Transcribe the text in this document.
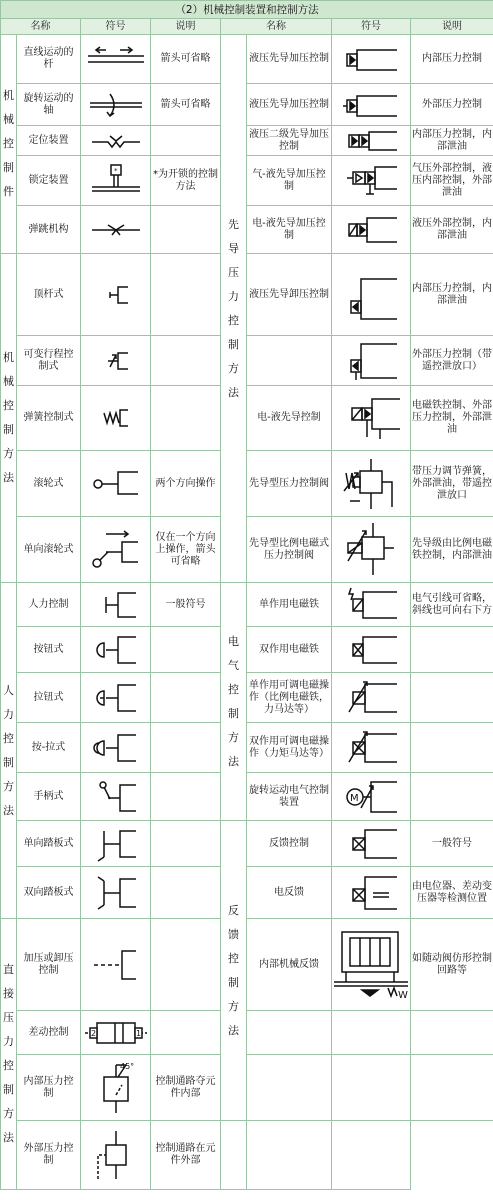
（2）机械控制装置和控制方法							
名称		符号	说明	名称		符号	说明

机械控制件	直线运动的杆		箭头可省略	先导压力控制方法	液压先导加压控制		内部压力控制
	旋转运动的轴		箭头可省略		液压先导加压控制		外部压力控制
	定位装置				液压二级先导加压控制		内部压力控制，内部泄油
	锁定装置	*	*为开锁的控制方法		气-液先导加压控制		气压外部控制，液压内部控制，外部泄油
	弹跳机构				电-液先导加压控制		液压外部控制，内部泄油

机械控制方法	顶杆式				液压先导卸压控制		内部压力控制，内部泄油
	可变行程控制式						外部压力控制（带遥控泄放口）
	弹簧控制式				电-液先导控制		电磁铁控制、外部压力控制，外部泄油
	滚轮式		两个方向操作		先导型压力控制阀		带压力调节弹簧，外部泄油，带遥控泄放口
	单向滚轮式		仅在一个方向上操作，箭头可省略		先导型比例电磁式压力控制阀		先导级由比例电磁铁控制，内部泄油

人力控制方法	人力控制		一般符号	电气控制方法	单作用电磁铁		电气引线可省略，斜线也可向右下方
	按钮式				双作用电磁铁	

	拉钮式				单作用可调电磁操作（比例电磁铁，力马达等）	

	按-拉式				双作用可调电磁操作（力矩马达等）	

	手柄式				旋转运动电气控制装置	M	

	单向踏板式			反馈控制方法	反馈控制		一般符号
	双向踏板式				电反馈		由电位器、差动变压器等检测位置

直接压力控制方法	加压或卸压控制				内部机械反馈	W	如随动阀仿形控制回路等
	差动控制	2 1					

	内部压力控制	45°	控制通路夺元件内部				
	外部压力控制		控制通路在元件外部				
